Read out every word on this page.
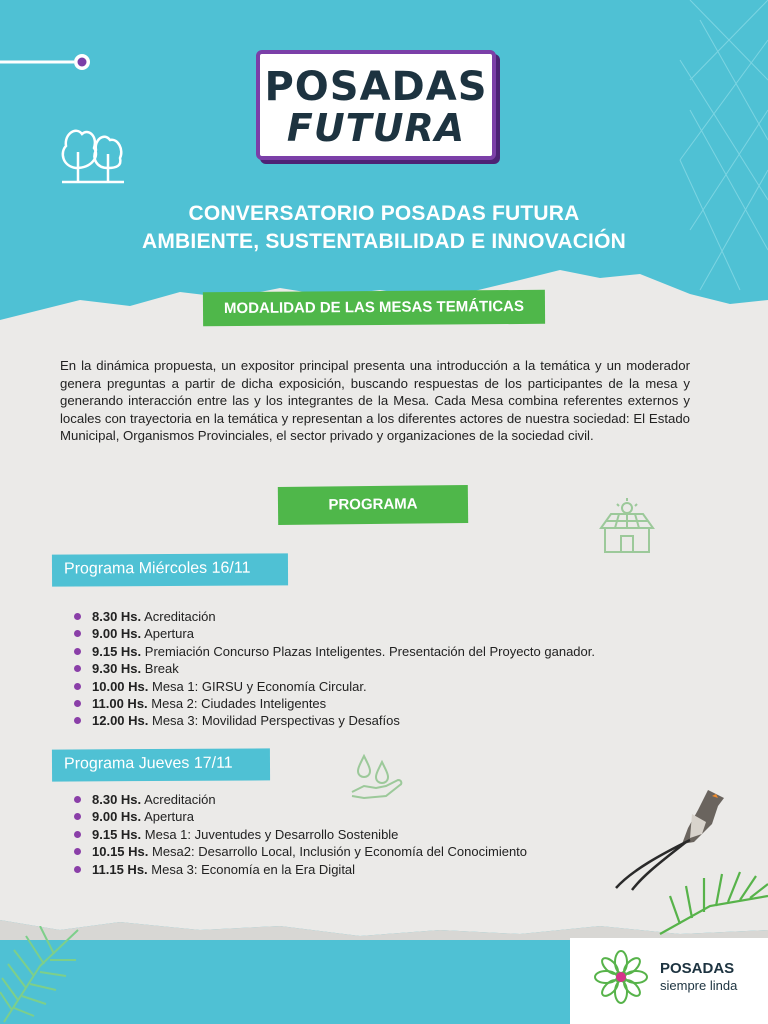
POSADAS
FUTURA
CONVERSATORIO POSADAS FUTURA
AMBIENTE, SUSTENTABILIDAD E INNOVACIÓN
MODALIDAD DE LAS MESAS TEMÁTICAS
En la dinámica propuesta, un expositor principal presenta una introducción a la temática y un moderador genera preguntas a partir de dicha exposición, buscando respuestas de los participantes de la mesa y generando interacción entre las y los integrantes de la Mesa. Cada Mesa combina referentes externos y locales con trayectoria en la temática y representan a los diferentes actores de nuestra sociedad: El Estado Municipal, Organismos Provinciales, el sector privado y organizaciones de la sociedad civil.
PROGRAMA
Programa Miércoles 16/11
8.30 Hs. Acreditación
9.00 Hs. Apertura
9.15 Hs. Premiación Concurso Plazas Inteligentes. Presentación del Proyecto ganador.
9.30 Hs. Break
10.00 Hs. Mesa 1: GIRSU y Economía Circular.
11.00 Hs. Mesa 2: Ciudades Inteligentes
12.00 Hs. Mesa 3: Movilidad Perspectivas y Desafíos
Programa Jueves 17/11
8.30 Hs. Acreditación
9.00 Hs. Apertura
9.15 Hs. Mesa 1: Juventudes y Desarrollo Sostenible
10.15 Hs. Mesa2: Desarrollo Local, Inclusión y Economía del Conocimiento
11.15 Hs. Mesa 3: Economía en la Era Digital
POSADAS
siempre linda
